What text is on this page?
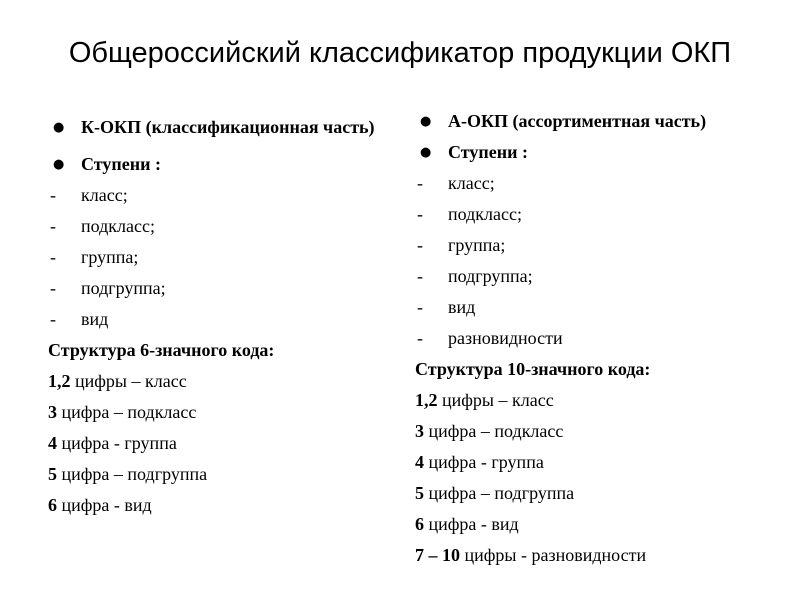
Общероссийский классификатор продукции ОКП
● К-ОКП (классификационная часть)
● Ступени :
- класс;
- подкласс;
- группа;
- подгруппа;
- вид
Структура 6-значного кода:
1,2 цифры – класс
3 цифра – подкласс
4 цифра - группа
5 цифра – подгруппа
6 цифра - вид
● А-ОКП (ассортиментная часть)
● Ступени :
- класс;
- подкласс;
- группа;
- подгруппа;
- вид
- разновидности
Структура 10-значного кода:
1,2 цифры – класс
3 цифра – подкласс
4 цифра - группа
5 цифра – подгруппа
6 цифра - вид
7 – 10 цифры - разновидности
